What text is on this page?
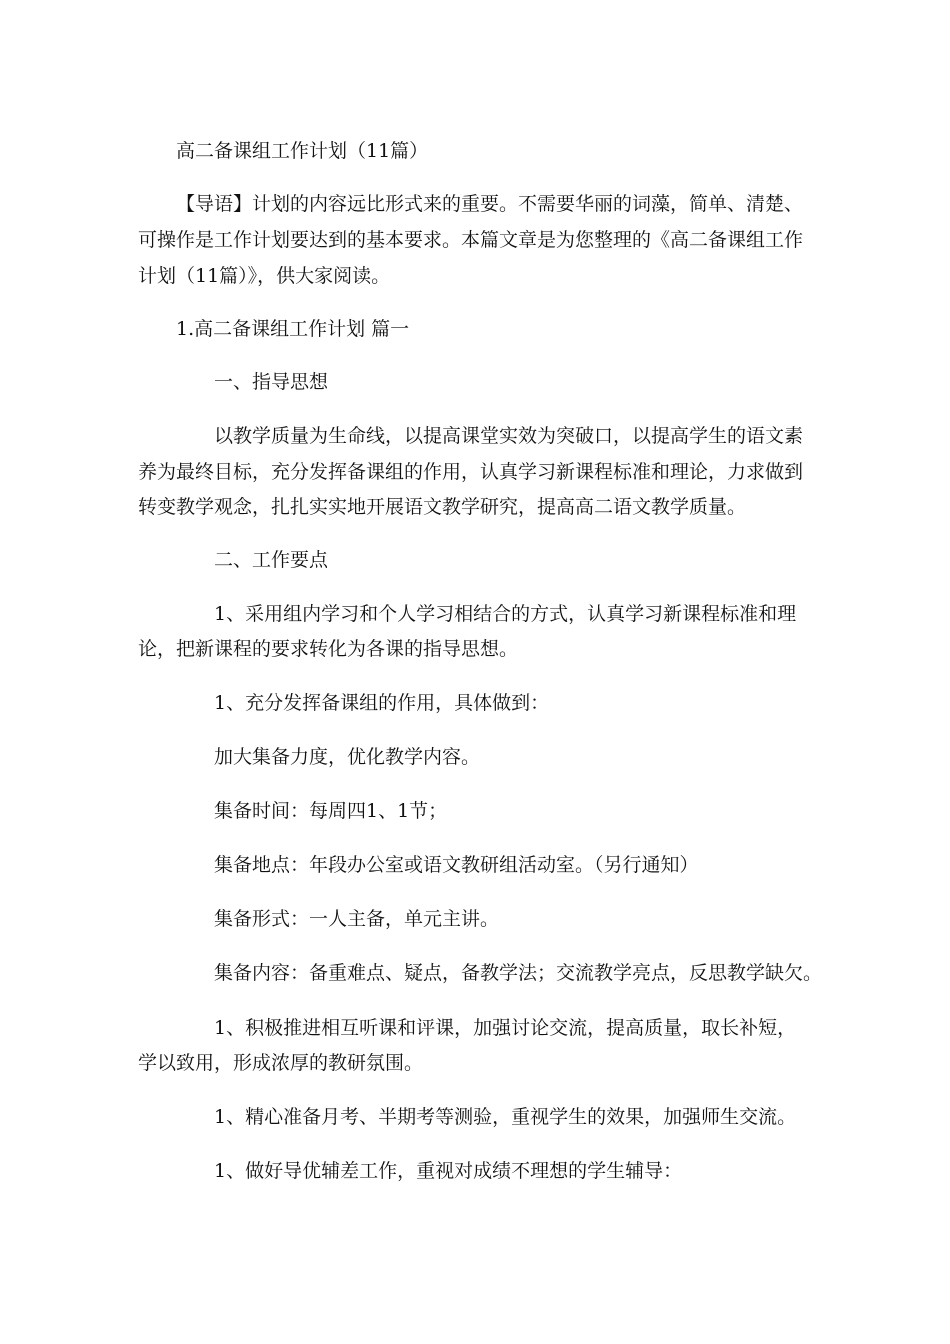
高二备课组工作计划（11篇）

【导语】计划的内容远比形式来的重要。不需要华丽的词藻，简单、清楚、

可操作是工作计划要达到的基本要求。本篇文章是为您整理的《高二备课组工作

计划（11篇）》，供大家阅读。

1.高二备课组工作计划 篇一

一、指导思想

以教学质量为生命线，以提高课堂实效为突破口，以提高学生的语文素

养为最终目标，充分发挥备课组的作用，认真学习新课程标准和理论，力求做到

转变教学观念，扎扎实实地开展语文教学研究，提高高二语文教学质量。

二、工作要点

1、采用组内学习和个人学习相结合的方式，认真学习新课程标准和理

论，把新课程的要求转化为各课的指导思想。

1、充分发挥备课组的作用，具体做到：

加大集备力度，优化教学内容。

集备时间：每周四1、1节；

集备地点：年段办公室或语文教研组活动室。（另行通知）

集备形式：一人主备，单元主讲。

集备内容：备重难点、疑点，备教学法；交流教学亮点，反思教学缺欠。

1、积极推进相互听课和评课，加强讨论交流，提高质量，取长补短，

学以致用，形成浓厚的教研氛围。

1、精心准备月考、半期考等测验，重视学生的效果，加强师生交流。

1、做好导优辅差工作，重视对成绩不理想的学生辅导：
